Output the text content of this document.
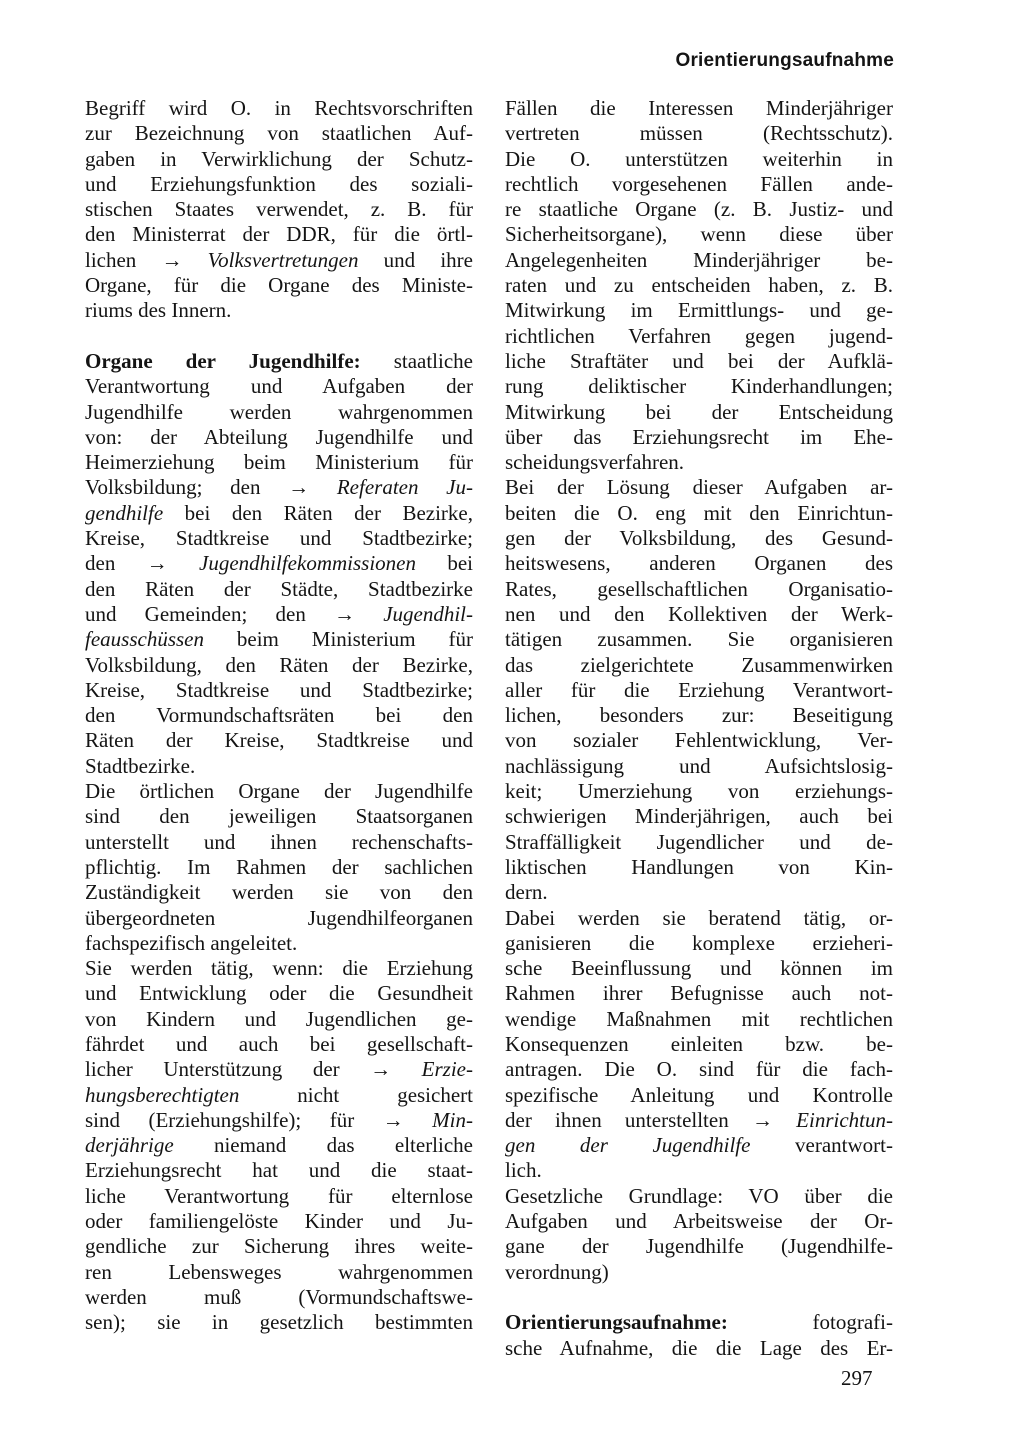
Orientierungsaufnahme
Begriff wird O. in Rechtsvorschriften
zur Bezeichnung von staatlichen Auf-
gaben in Verwirklichung der Schutz-
und Erziehungsfunktion des soziali-
stischen Staates verwendet, z. B. für
den Ministerrat der DDR, für die örtl-
lichen → Volksvertretungen und ihre
Organe, für die Organe des Ministe-
riums des Innern.
Organe der Jugendhilfe: staatliche
Verantwortung und Aufgaben der
Jugendhilfe werden wahrgenommen
von: der Abteilung Jugendhilfe und
Heimerziehung beim Ministerium für
Volksbildung; den → Referaten Ju-
gendhilfe bei den Räten der Bezirke,
Kreise, Stadtkreise und Stadtbezirke;
den → Jugendhilfekommissionen bei
den Räten der Städte, Stadtbezirke
und Gemeinden; den → Jugendhil-
feausschüssen beim Ministerium für
Volksbildung, den Räten der Bezirke,
Kreise, Stadtkreise und Stadtbezirke;
den Vormundschaftsräten bei den
Räten der Kreise, Stadtkreise und
Stadtbezirke.
Die örtlichen Organe der Jugendhilfe
sind den jeweiligen Staatsorganen
unterstellt und ihnen rechenschafts-
pflichtig. Im Rahmen der sachlichen
Zuständigkeit werden sie von den
übergeordneten Jugendhilfeorganen
fachspezifisch angeleitet.
Sie werden tätig, wenn: die Erziehung
und Entwicklung oder die Gesundheit
von Kindern und Jugendlichen ge-
fährdet und auch bei gesellschaft-
licher Unterstützung der → Erzie-
hungsberechtigten nicht gesichert
sind (Erziehungshilfe); für → Min-
derjährige niemand das elterliche
Erziehungsrecht hat und die staat-
liche Verantwortung für elternlose
oder familiengelöste Kinder und Ju-
gendliche zur Sicherung ihres weite-
ren Lebensweges wahrgenommen
werden muß (Vormundschaftswe-
sen); sie in gesetzlich bestimmten
Fällen die Interessen Minderjähriger
vertreten müssen (Rechtsschutz).
Die O. unterstützen weiterhin in
rechtlich vorgesehenen Fällen ande-
re staatliche Organe (z. B. Justiz- und
Sicherheitsorgane), wenn diese über
Angelegenheiten Minderjähriger be-
raten und zu entscheiden haben, z. B.
Mitwirkung im Ermittlungs- und ge-
richtlichen Verfahren gegen jugend-
liche Straftäter und bei der Aufklä-
rung deliktischer Kinderhandlungen;
Mitwirkung bei der Entscheidung
über das Erziehungsrecht im Ehe-
scheidungsverfahren.
Bei der Lösung dieser Aufgaben ar-
beiten die O. eng mit den Einrichtun-
gen der Volksbildung, des Gesund-
heitswesens, anderen Organen des
Rates, gesellschaftlichen Organisatio-
nen und den Kollektiven der Werk-
tätigen zusammen. Sie organisieren
das zielgerichtete Zusammenwirken
aller für die Erziehung Verantwort-
lichen, besonders zur: Beseitigung
von sozialer Fehlentwicklung, Ver-
nachlässigung und Aufsichtslosig-
keit; Umerziehung von erziehungs-
schwierigen Minderjährigen, auch bei
Straffälligkeit Jugendlicher und de-
liktischen Handlungen von Kin-
dern.
Dabei werden sie beratend tätig, or-
ganisieren die komplexe erzieheri-
sche Beeinflussung und können im
Rahmen ihrer Befugnisse auch not-
wendige Maßnahmen mit rechtlichen
Konsequenzen einleiten bzw. be-
antragen. Die O. sind für die fach-
spezifische Anleitung und Kontrolle
der ihnen unterstellten → Einrichtun-
gen der Jugendhilfe verantwort-
lich.
Gesetzliche Grundlage: VO über die
Aufgaben und Arbeitsweise der Or-
gane der Jugendhilfe (Jugendhilfe-
verordnung)
Orientierungsaufnahme: fotografi-
sche Aufnahme, die die Lage des Er-
297
